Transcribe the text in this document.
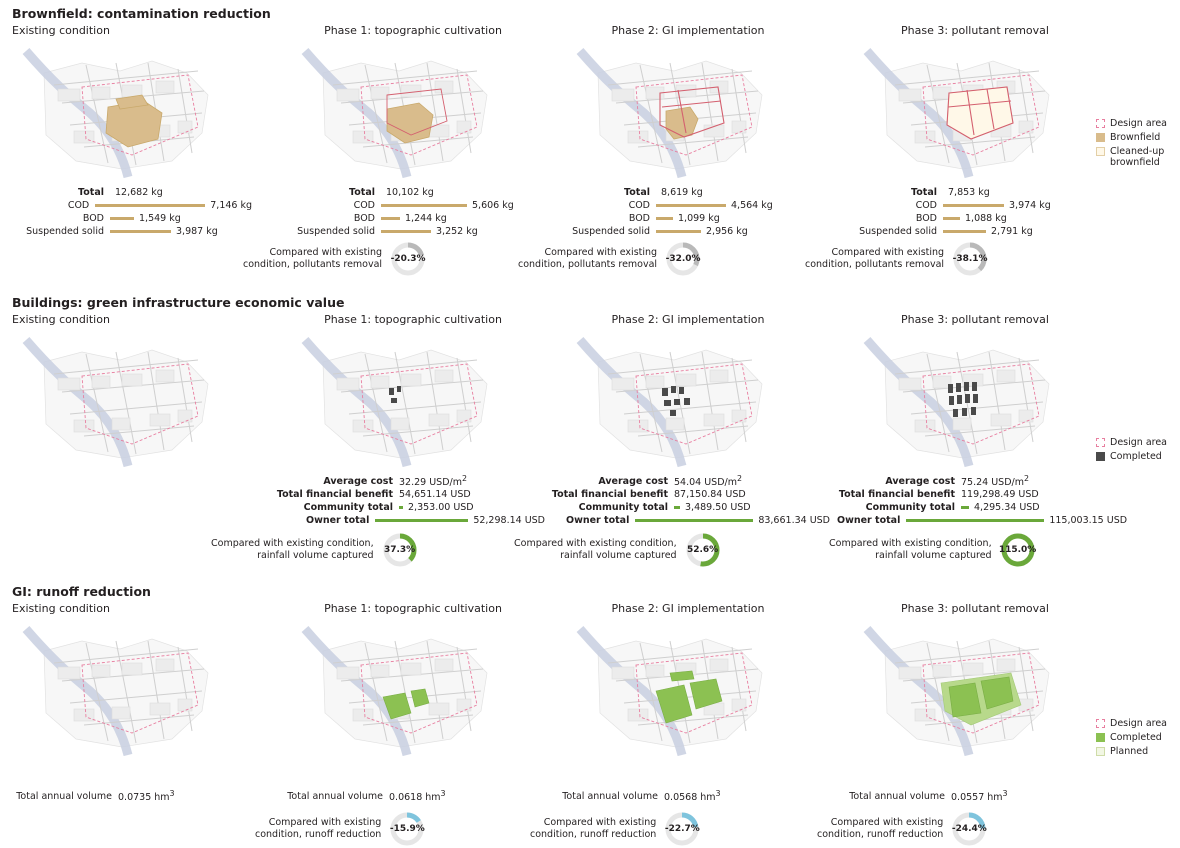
Brownfield: contamination reduction
Existing condition
Total	12,682 kg
COD	7,146 kg
BOD	1,549 kg
Suspended solid	3,987 kg
Phase 1: topographic cultivation
Total	10,102 kg
COD	5,606 kg
BOD	1,244 kg
Suspended solid	3,252 kg
Compared with existing
condition, pollutants removal -20.3%
Phase 2: GI implementation
Total	8,619 kg
COD	4,564 kg
BOD	1,099 kg
Suspended solid	2,956 kg
Compared with existing
condition, pollutants removal -32.0%
Phase 3: pollutant removal
Total	7,853 kg
COD	3,974 kg
BOD	1,088 kg
Suspended solid	2,791 kg
Compared with existing
condition, pollutants removal -38.1%
Design area
Brownfield
Cleaned-up brownfield
Buildings: green infrastructure economic value
Existing condition	Phase 1: topographic cultivation
Average cost 32.29 USD/$m^2$
Total financial benefit 54,651.14 USD
Community total	2,353.00 USD
Owner total	52,298.14 USD
Compared with existing condition,
rainfall volume captured	37.3%
Phase 2: GI implementation
Average cost 54.04 USD/$m^2$
Total financial benefit 87,150.84 USD
Community total	3,489.50 USD
Owner total	83,661.34 USD
Compared with existing condition,
rainfall volume captured	52.6%
Phase 3: pollutant removal
Average cost 75.24 USD/$m^2$
Total financial benefit 119,298.49 USD
Community total	4,295.34 USD
Owner total	115,003.15 USD
Compared with existing condition,
rainfall volume captured 115.0%
Design area
Completed
GI: runoff reduction
Existing condition
Total annual volume 0.0735 $hm^3$
Phase 1: topographic cultivation
Total annual volume 0.0618 $hm^3$
Compared with existing
condition, runoff reduction -15.9%
Phase 2: GI implementation
Total annual volume 0.0568 $hm^3$
Compared with existing
condition, runoff reduction -22.7%
Phase 3: pollutant removal
Total annual volume 0.0557 $hm^3$
Compared with existing
condition, runoff reduction -24.4%
Design area
Completed
Planned
